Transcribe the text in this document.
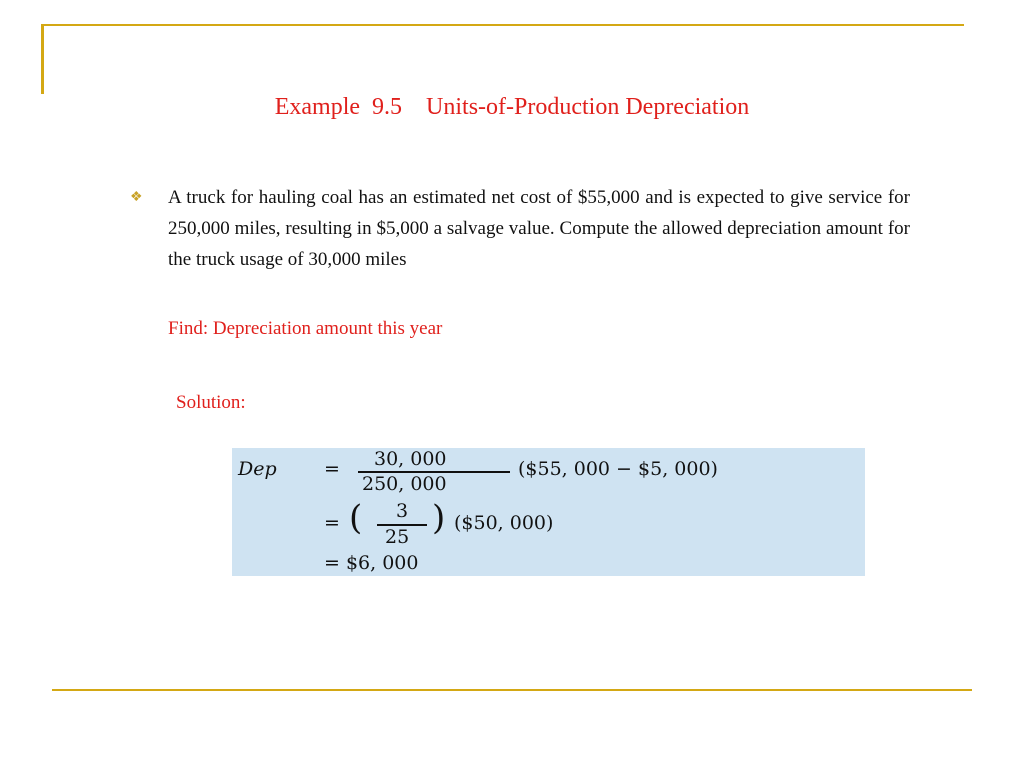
Example  9.5    Units-of-Production Depreciation
❖ A truck for hauling coal has an estimated net cost of $55,000 and is expected to give service for 250,000 miles, resulting in $5,000 a salvage value. Compute the allowed depreciation amount for the truck usage of 30,000 miles
Find: Depreciation amount this year
Solution:
Dep = 30, 000
250, 000
($55, 000 − $5, 000)
= ( 3
25 ) ($50, 000)
= $6, 000
